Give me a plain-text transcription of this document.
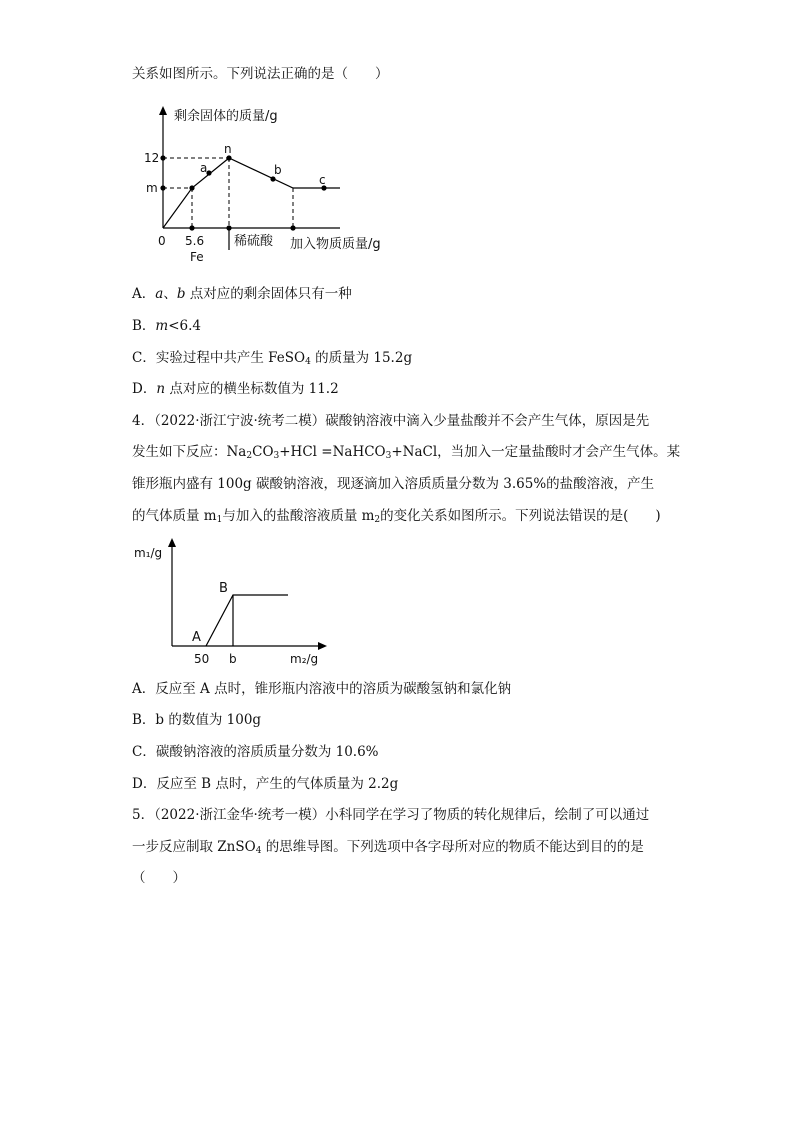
关系如图所示。下列说法正确的是（　　）
剩余固体的质量/g
12
m
0 5.6
Fe
稀硫酸 加入物质质量/g
a
n
b
c
A．a、b 点对应的剩余固体只有一种
B．m<6.4
C．实验过程中共产生 FeSO$_4$ 的质量为 15.2g
D．n 点对应的横坐标数值为 11.2
4．（2022·浙江宁波·统考二模）碳酸钠溶液中滴入少量盐酸并不会产生气体，原因是先
发生如下反应：$Na_2CO_3+HCl$ =NaHCO$_3$+NaCl，当加入一定量盐酸时才会产生气体。某
锥形瓶内盛有 100g 碳酸钠溶液，现逐滴加入溶质质量分数为 3.65%的盐酸溶液，产生
的气体质量 $m_1$与加入的盐酸溶液质量 $m_2$的变化关系如图所示。下列说法错误的是(　　)
m₁/g
B
A
50 b	m₂/g
A．反应至 A 点时，锥形瓶内溶液中的溶质为碳酸氢钠和氯化钠
B．b 的数值为 100g
C．碳酸钠溶液的溶质质量分数为 10.6%
D．反应至 B 点时，产生的气体质量为 2.2g
5．（2022·浙江金华·统考一模）小科同学在学习了物质的转化规律后，绘制了可以通过
一步反应制取 ZnSO$_4$ 的思维导图。下列选项中各字母所对应的物质不能达到目的的是
（　　）
